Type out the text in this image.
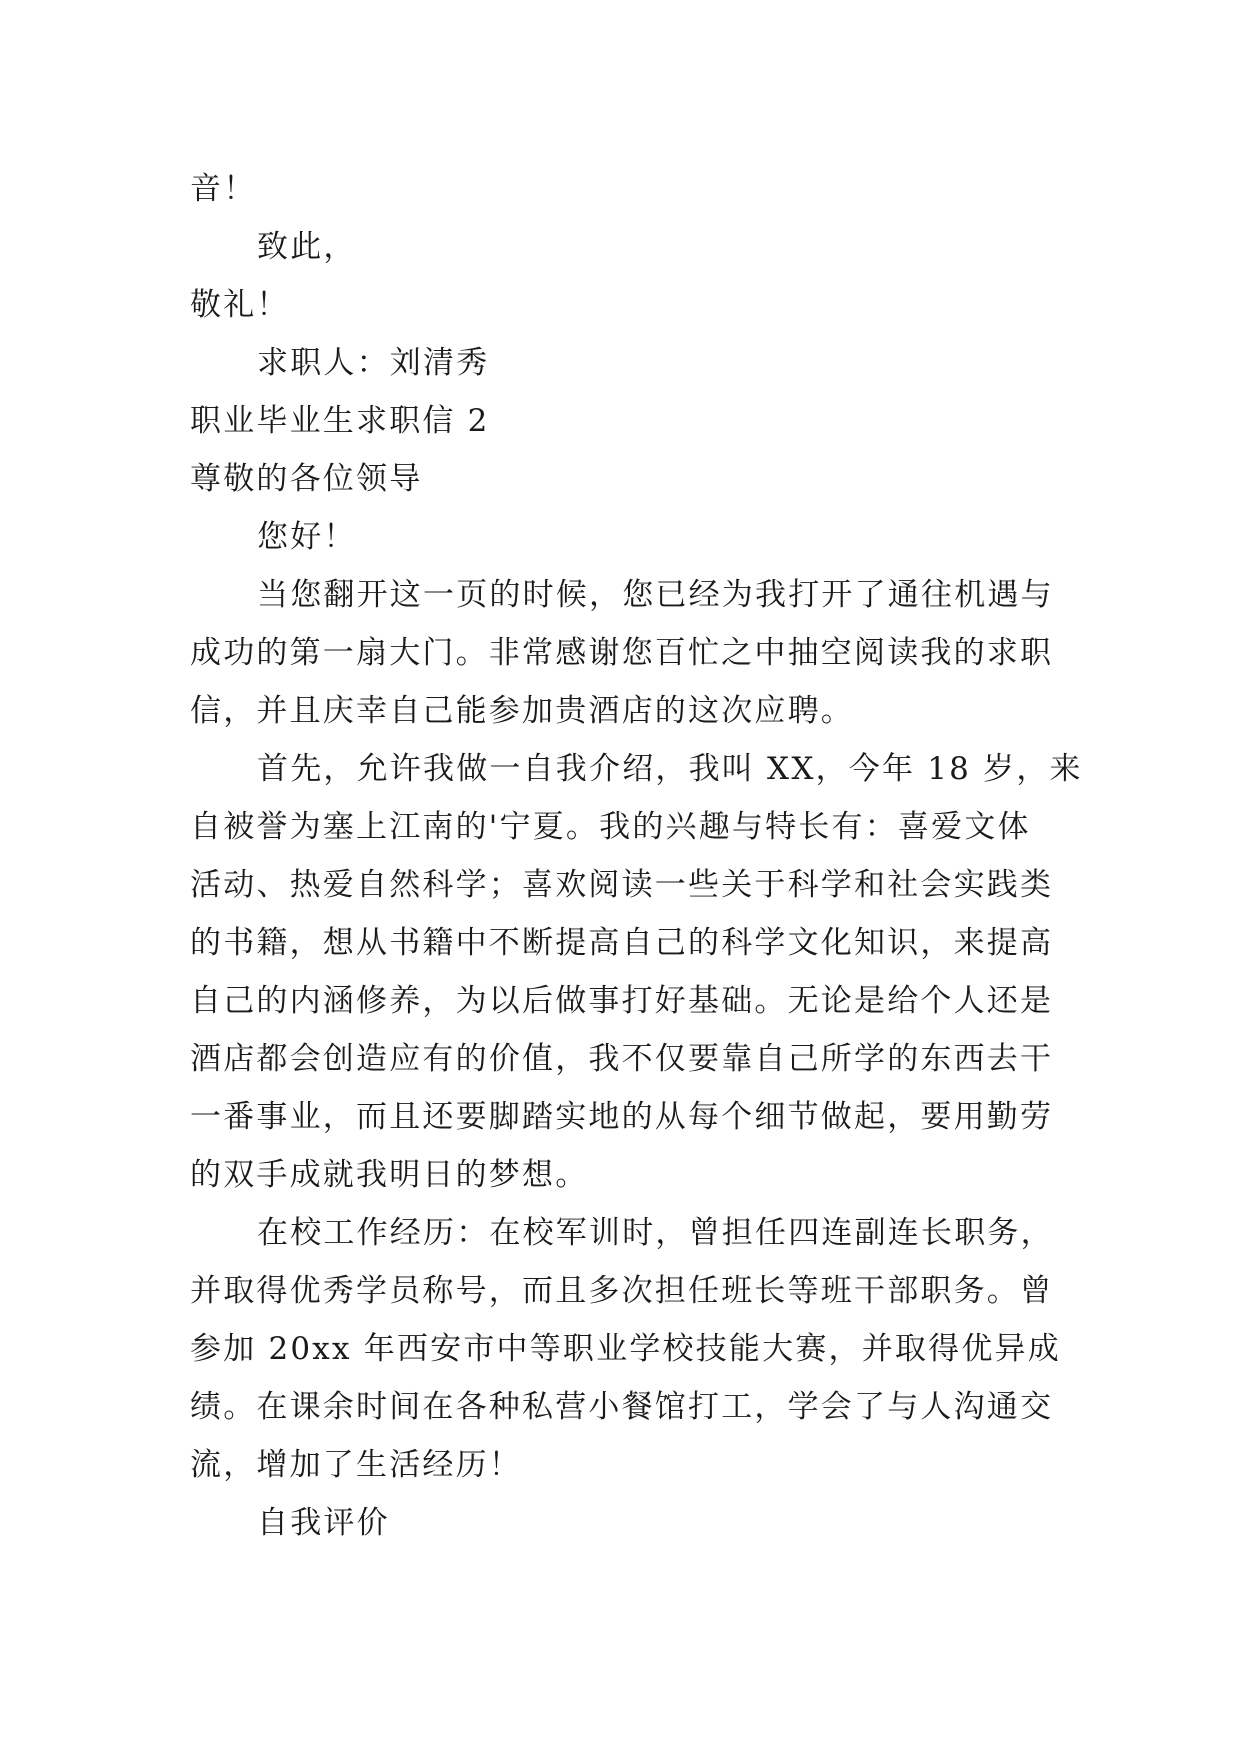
音！
致此，
敬礼！
求职人：刘清秀
职业毕业生求职信 2
尊敬的各位领导
您好！
当您翻开这一页的时候，您已经为我打开了通往机遇与
成功的第一扇大门。非常感谢您百忙之中抽空阅读我的求职
信，并且庆幸自己能参加贵酒店的这次应聘。
首先，允许我做一自我介绍，我叫 XX，今年 18 岁，来
自被誉为塞上江南的'宁夏。我的兴趣与特长有：喜爱文体
活动、热爱自然科学；喜欢阅读一些关于科学和社会实践类
的书籍，想从书籍中不断提高自己的科学文化知识，来提高
自己的内涵修养，为以后做事打好基础。无论是给个人还是
酒店都会创造应有的价值，我不仅要靠自己所学的东西去干
一番事业，而且还要脚踏实地的从每个细节做起，要用勤劳
的双手成就我明日的梦想。
在校工作经历：在校军训时，曾担任四连副连长职务，
并取得优秀学员称号，而且多次担任班长等班干部职务。曾
参加 20xx 年西安市中等职业学校技能大赛，并取得优异成
绩。在课余时间在各种私营小餐馆打工，学会了与人沟通交
流，增加了生活经历！
自我评价
